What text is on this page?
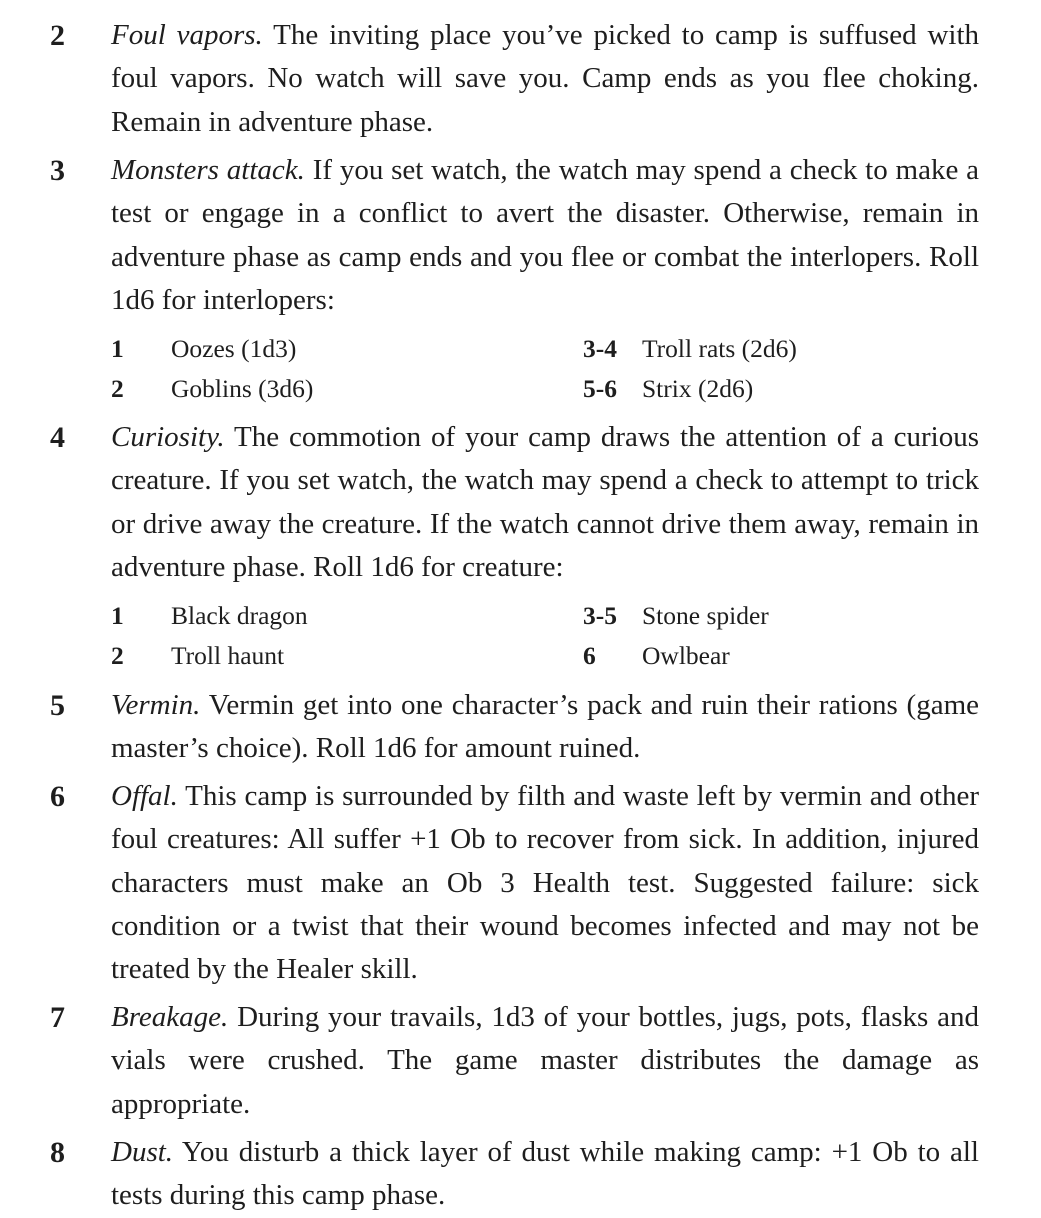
2	Foul vapors. The inviting place you’ve picked to camp is suffused with foul vapors. No watch will save you. Camp ends as you flee choking. Remain in adventure phase.
3	Monsters attack. If you set watch, the watch may spend a check to make a test or engage in a conflict to avert the disaster. Otherwise, remain in adventure phase as camp ends and you flee or combat the interlopers. Roll 1d6 for interlopers:
1 Oozes (1d3)	3-4 Troll rats (2d6)
2 Goblins (3d6)	5-6 Strix (2d6)
4	Curiosity. The commotion of your camp draws the attention of a curious creature. If you set watch, the watch may spend a check to attempt to trick or drive away the creature. If the watch cannot drive them away, remain in adventure phase. Roll 1d6 for creature:
1 Black dragon	3-5 Stone spider
2 Troll haunt	6 Owlbear
5	Vermin. Vermin get into one character’s pack and ruin their rations (game master’s choice). Roll 1d6 for amount ruined.
6	Offal. This camp is surrounded by filth and waste left by vermin and other foul creatures: All suffer +1 Ob to recover from sick. In addition, injured characters must make an Ob 3 Health test. Suggested failure: sick condition or a twist that their wound becomes infected and may not be treated by the Healer skill.
7	Breakage. During your travails, 1d3 of your bottles, jugs, pots, flasks and vials were crushed. The game master distributes the damage as appropriate.
8	Dust. You disturb a thick layer of dust while making camp: +1 Ob to all tests during this camp phase.
